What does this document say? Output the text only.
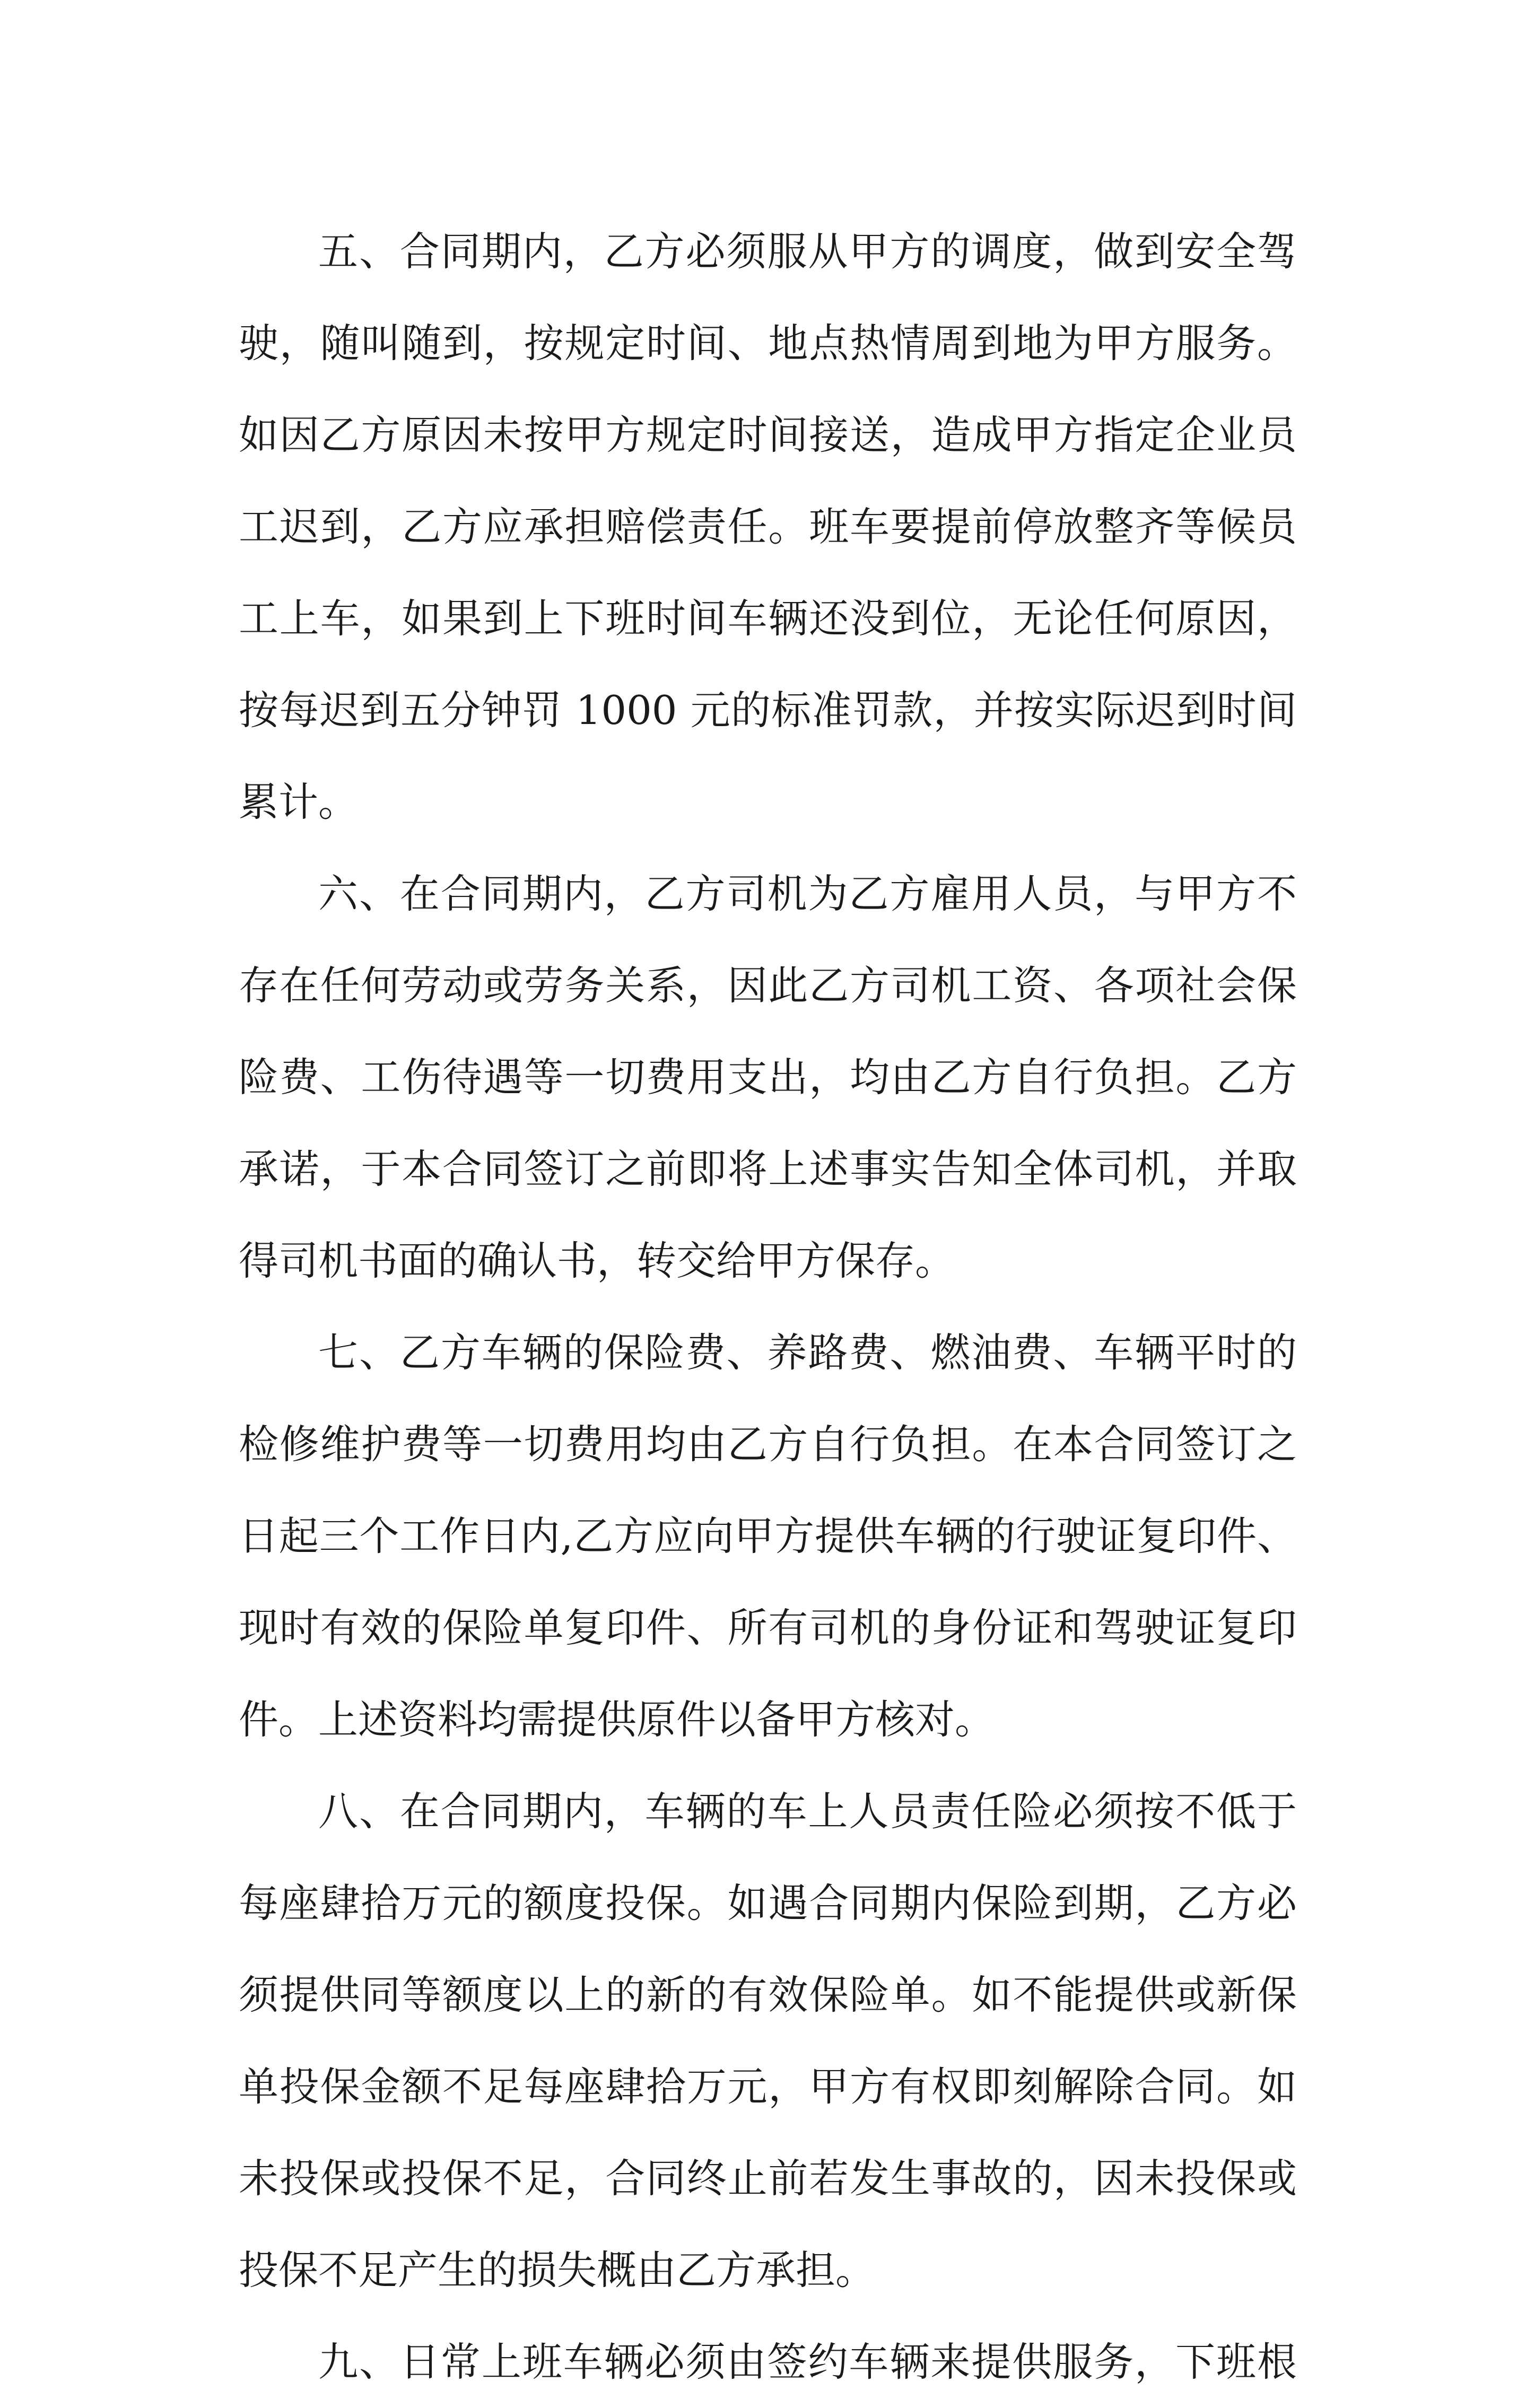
五、合同期内，乙方必须服从甲方的调度，做到安全驾
驶，随叫随到，按规定时间、地点热情周到地为甲方服务。
如因乙方原因未按甲方规定时间接送，造成甲方指定企业员
工迟到，乙方应承担赔偿责任。班车要提前停放整齐等候员
工上车，如果到上下班时间车辆还没到位，无论任何原因，
按每迟到五分钟罚 1000 元的标准罚款，并按实际迟到时间
累计。
六、在合同期内，乙方司机为乙方雇用人员，与甲方不
存在任何劳动或劳务关系，因此乙方司机工资、各项社会保
险费、工伤待遇等一切费用支出，均由乙方自行负担。乙方
承诺，于本合同签订之前即将上述事实告知全体司机，并取
得司机书面的确认书，转交给甲方保存。
七、乙方车辆的保险费、养路费、燃油费、车辆平时的
检修维护费等一切费用均由乙方自行负担。在本合同签订之
日起三个工作日内,乙方应向甲方提供车辆的行驶证复印件、
现时有效的保险单复印件、所有司机的身份证和驾驶证复印
件。上述资料均需提供原件以备甲方核对。
八、在合同期内，车辆的车上人员责任险必须按不低于
每座肆拾万元的额度投保。如遇合同期内保险到期，乙方必
须提供同等额度以上的新的有效保险单。如不能提供或新保
单投保金额不足每座肆拾万元，甲方有权即刻解除合同。如
未投保或投保不足，合同终止前若发生事故的，因未投保或
投保不足产生的损失概由乙方承担。
九、日常上班车辆必须由签约车辆来提供服务，下班根
